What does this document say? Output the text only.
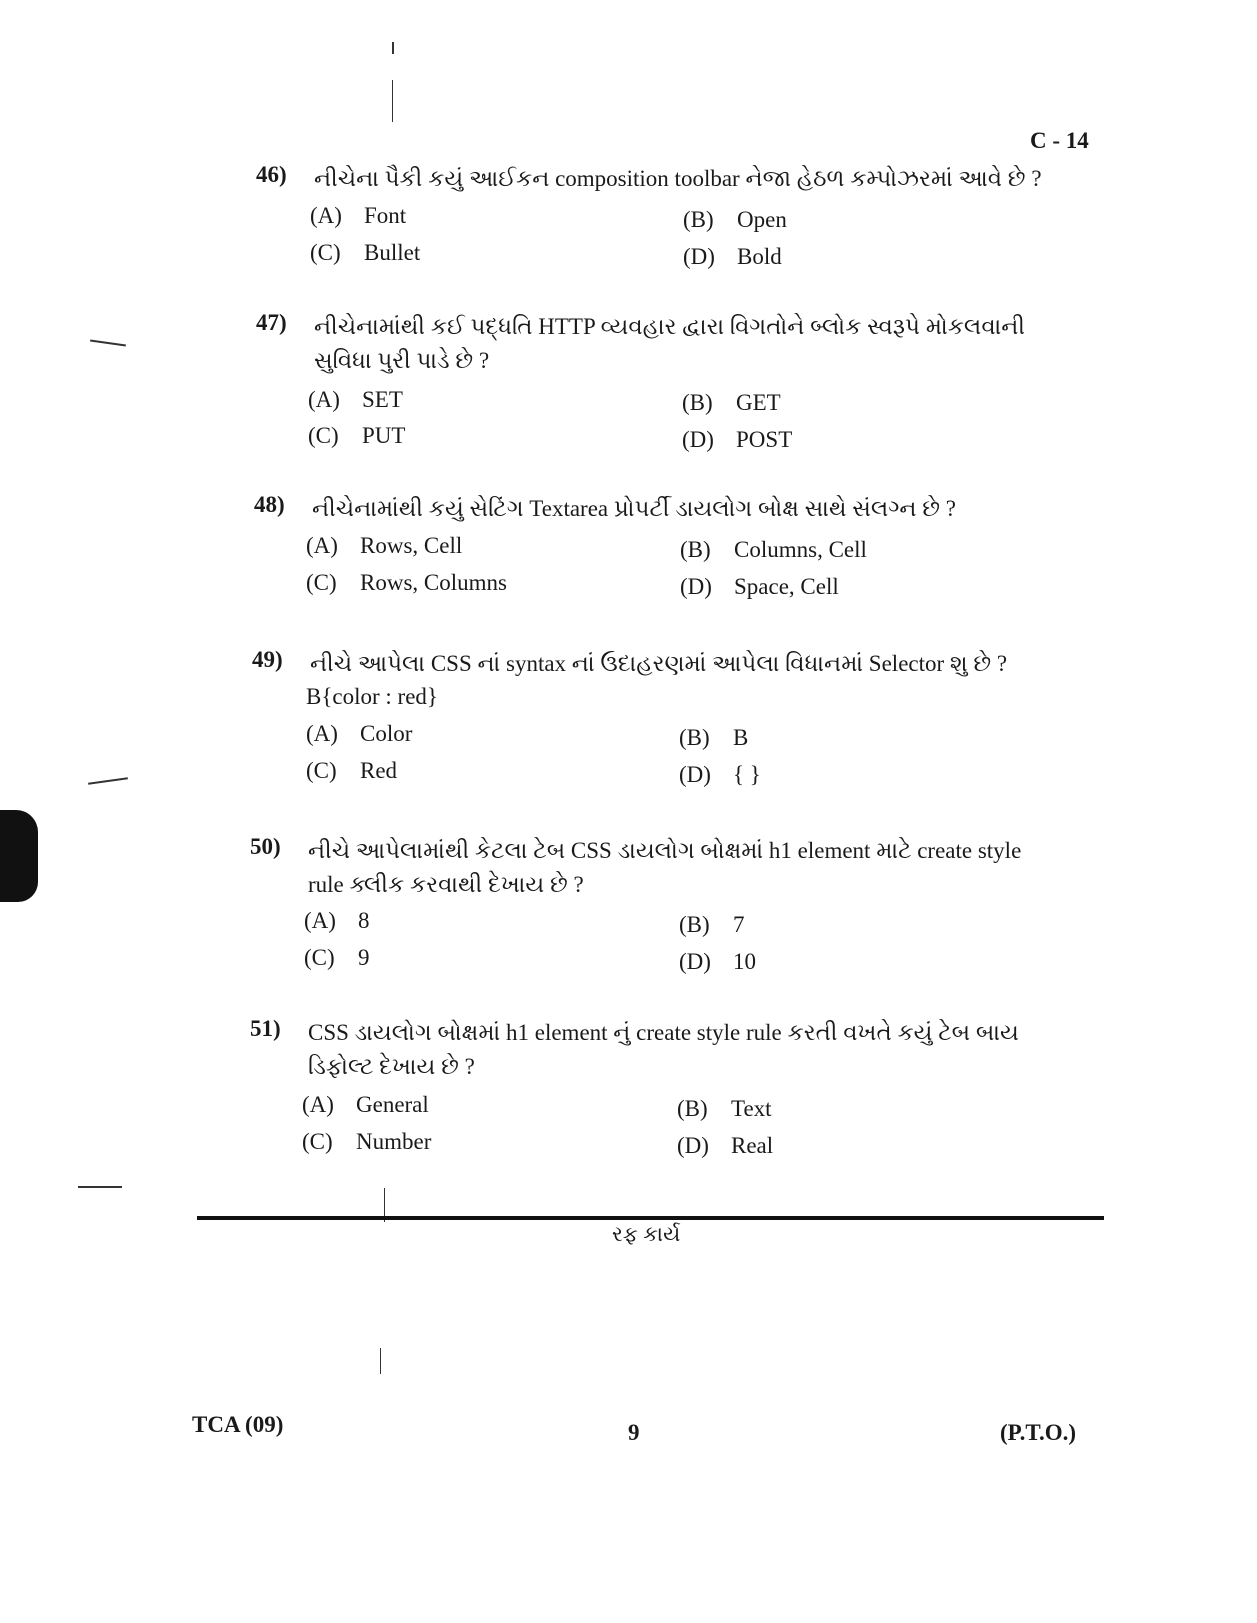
C - 14
46) નીચેના પૈકી કયું આઈકન composition toolbar નેજા હેઠળ કમ્પોઝરમાં આવે છે ?
(A) Font	(B) Open
(C) Bullet	(D) Bold
47) નીચેનામાંથી કઈ પદ્ધતિ HTTP વ્યવહાર દ્વારા વિગતોને બ્લોક સ્વરૂપે મોકલવાની સુવિધા પુરી પાડે છે ?
(A) SET	(B) GET
(C) PUT	(D) POST
48) નીચેનામાંથી કયું સેટિંગ Textarea પ્રોપર્ટી ડાયલોગ બોક્ષ સાથે સંલગ્ન છે ?
(A) Rows, Cell	(B) Columns, Cell
(C) Rows, Columns	(D) Space, Cell
49) નીચે આપેલા CSS નાં syntax નાં ઉદાહરણમાં આપેલા વિધાનમાં Selector શુ છે ?
B{color : red}
(A) Color	(B) B
(C) Red	(D) { }
50) નીચે આપેલામાંથી કેટલા ટેબ CSS ડાયલોગ બોક્ષમાં h1 element માટે create style rule ક્લીક કરવાથી દેખાય છે ?
(A) 8	(B) 7
(C) 9	(D) 10
51) CSS ડાયલોગ બોક્ષમાં h1 element નું create style rule કરતી વખતે કયું ટેબ બાય ડિફોલ્ટ દેખાય છે ?
(A) General	(B) Text
(C) Number	(D) Real
રફ કાર્ય
TCA (09)	9	(P.T.O.)
